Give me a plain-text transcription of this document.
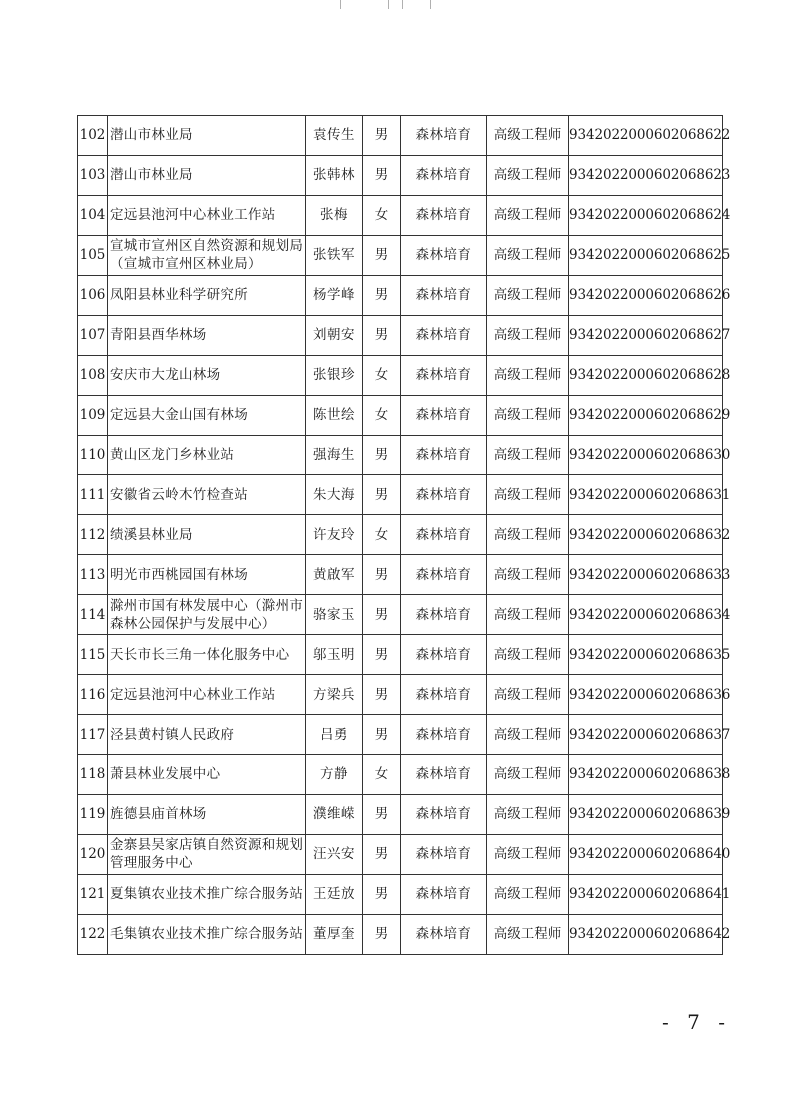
102	潜山市林业局	袁传生	男	森林培育	高级工程师	9342022000602068622
103	潜山市林业局	张韩林	男	森林培育	高级工程师	9342022000602068623
104	定远县池河中心林业工作站	张梅	女	森林培育	高级工程师	9342022000602068624
105	宣城市宣州区自然资源和规划局（宣城市宣州区林业局）	张铁军	男	森林培育	高级工程师	9342022000602068625
106	凤阳县林业科学研究所	杨学峰	男	森林培育	高级工程师	9342022000602068626
107	青阳县酉华林场	刘朝安	男	森林培育	高级工程师	9342022000602068627
108	安庆市大龙山林场	张银珍	女	森林培育	高级工程师	9342022000602068628
109	定远县大金山国有林场	陈世绘	女	森林培育	高级工程师	9342022000602068629
110	黄山区龙门乡林业站	强海生	男	森林培育	高级工程师	9342022000602068630
111	安徽省云岭木竹检查站	朱大海	男	森林培育	高级工程师	9342022000602068631
112	绩溪县林业局	许友玲	女	森林培育	高级工程师	9342022000602068632
113	明光市西桃园国有林场	黄啟军	男	森林培育	高级工程师	9342022000602068633
114	滁州市国有林发展中心（滁州市森林公园保护与发展中心）	骆家玉	男	森林培育	高级工程师	9342022000602068634
115	天长市长三角一体化服务中心	邬玉明	男	森林培育	高级工程师	9342022000602068635
116	定远县池河中心林业工作站	方梁兵	男	森林培育	高级工程师	9342022000602068636
117	泾县黄村镇人民政府	吕勇	男	森林培育	高级工程师	9342022000602068637
118	萧县林业发展中心	方静	女	森林培育	高级工程师	9342022000602068638
119	旌德县庙首林场	濮维嵘	男	森林培育	高级工程师	9342022000602068639
120	金寨县吴家店镇自然资源和规划管理服务中心	汪兴安	男	森林培育	高级工程师	9342022000602068640
121	夏集镇农业技术推广综合服务站	王廷放	男	森林培育	高级工程师	9342022000602068641
122	毛集镇农业技术推广综合服务站	董厚奎	男	森林培育	高级工程师	9342022000602068642
- 7 -
